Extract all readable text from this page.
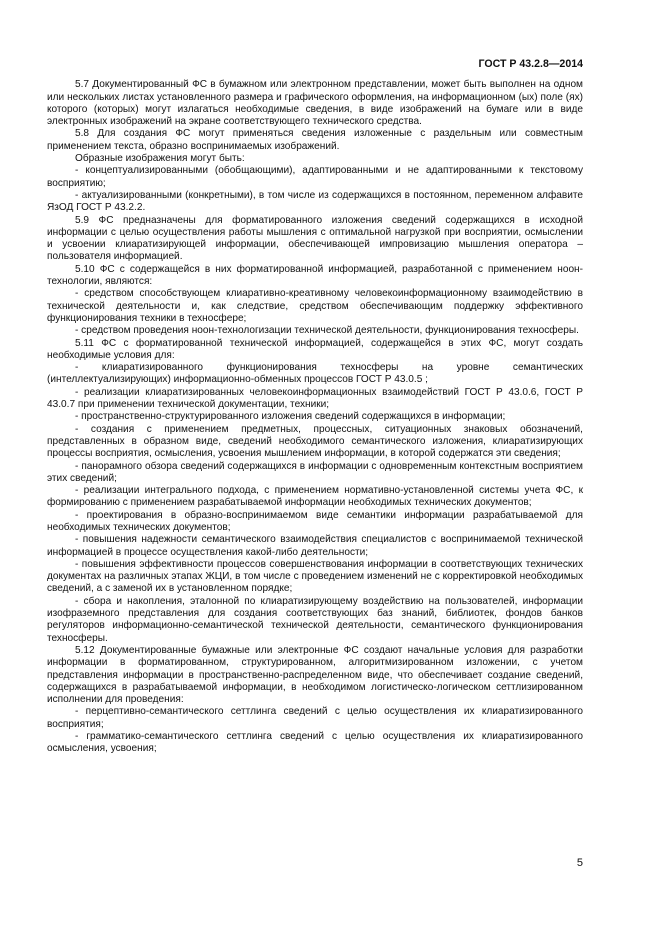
ГОСТ Р 43.2.8—2014

5.7 Документированный ФС в бумажном или электронном представлении, может быть выполнен на одном или нескольких листах установленного размера и графического оформления, на информационном (ых) поле (ях) которого (которых) могут излагаться необходимые сведения, в виде изображений на бумаге или в виде электронных изображений на экране соответствующего технического средства.

5.8 Для создания ФС могут применяться сведения изложенные с раздельным или совместным применением текста, образно воспринимаемых изображений.

Образные изображения могут быть:

- концептуализированными (обобщающими), адаптированными и не адаптированными к текстовому восприятию;

- актуализированными (конкретными), в том числе из содержащихся в постоянном, переменном алфавите ЯзОД ГОСТ Р 43.2.2.

5.9 ФС предназначены для форматированного изложения сведений содержащихся в исходной информации с целью осуществления работы мышления с оптимальной нагрузкой при восприятии, осмыслении и усвоении клиаратизирующей информации, обеспечивающей импровизацию мышления оператора – пользователя информацией.

5.10 ФС с содержащейся в них форматированной информацией, разработанной с применением ноон-технологии, являются:

- средством способствующем клиаративно-креативному человекоинформационному взаимодействию в технической деятельности и, как следствие, средством обеспечивающим поддержку эффективного функционирования техники в техносфере;

- средством проведения ноон-технологизации технической деятельности, функционирования техносферы.

5.11 ФС с форматированной технической информацией, содержащейся в этих ФС, могут создать необходимые условия для:

- клиаратизированного функционирования техносферы на уровне семантических (интеллектуализирующих) информационно-обменных процессов ГОСТ Р 43.0.5 ;

- реализации клиаратизированных человекоинформационных взаимодействий ГОСТ Р 43.0.6, ГОСТ Р 43.0.7 при применении технической документации, техники;

- пространственно-структурированного изложения сведений содержащихся в информации;

- создания с применением предметных, процессных, ситуационных знаковых обозначений, представленных в образном виде, сведений необходимого семантического изложения, клиаратизирующих процессы восприятия, осмысления, усвоения мышлением информации, в которой содержатся эти сведения;

- панорамного обзора сведений содержащихся в информации с одновременным контекстным восприятием этих сведений;

- реализации интегрального подхода, с применением нормативно-установленной системы учета ФС, к формированию с применением разрабатываемой информации необходимых технических документов;

- проектирования в образно-воспринимаемом виде семантики информации разрабатываемой для необходимых технических документов;

- повышения надежности семантического взаимодействия специалистов с воспринимаемой технической информацией в процессе осуществления какой-либо деятельности;

- повышения эффективности процессов совершенствования информации в соответствующих технических документах на различных этапах ЖЦИ, в том числе с проведением изменений не с корректировкой необходимых сведений, а с заменой их в установленном порядке;

- сбора и накопления, эталонной по клиаратизирующему воздействию на пользователей, информации изофраземного представления для создания соответствующих баз знаний, библиотек, фондов банков регуляторов информационно-семантической технической деятельности, семантического функционирования техносферы.

5.12 Документированные бумажные или электронные ФС создают начальные условия для разработки информации в форматированном, структурированном, алгоритмизированном изложении, с учетом представления информации в пространственно-распределенном виде, что обеспечивает создание сведений, содержащихся в разрабатываемой информации, в необходимом логистическо-логическом сеттлизированном исполнении для проведения:

- перцептивно-семантического сеттлинга сведений с целью осуществления их клиаратизированного восприятия;

- грамматико-семантического сеттлинга сведений с целью осуществления их клиаратизированного осмысления, усвоения;

5
